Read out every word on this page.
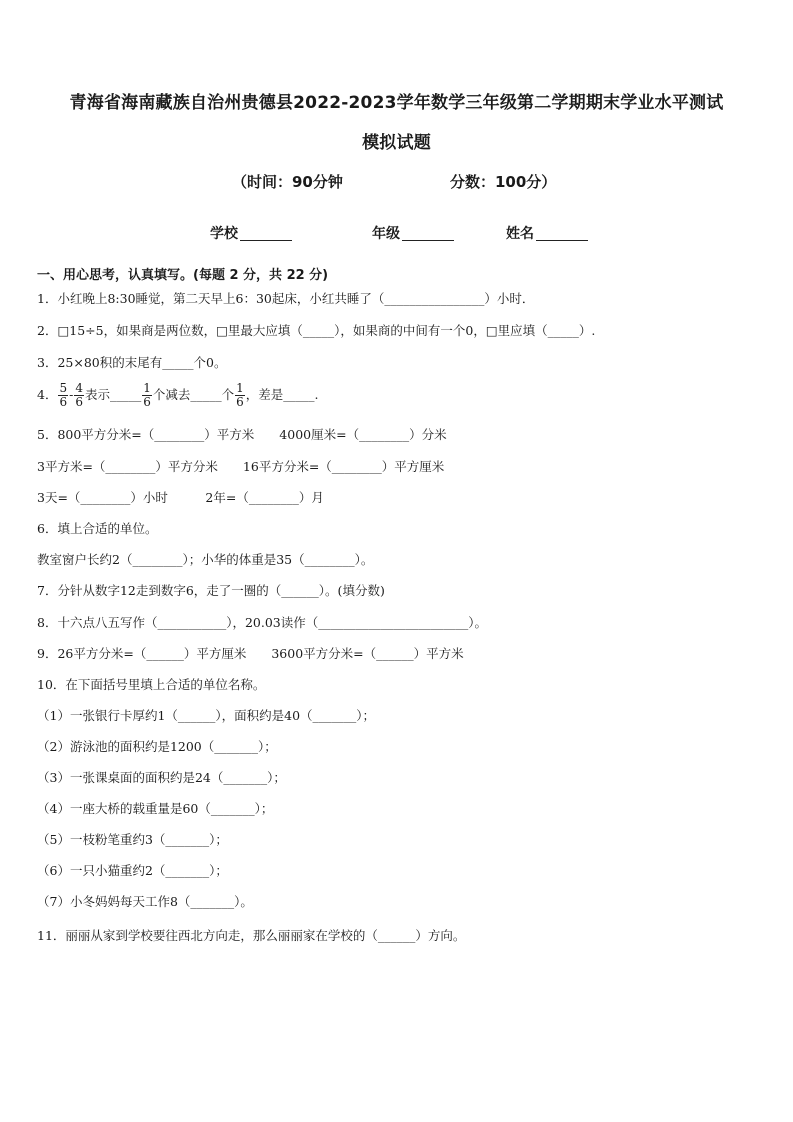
青海省海南藏族自治州贵德县2022-2023学年数学三年级第二学期期末学业水平测试
模拟试题
（时间：90分钟	分数：100分）
学校	年级	姓名
一、用心思考，认真填写。(每题 2 分，共 22 分)
1．小红晚上8:30睡觉，第二天早上6：30起床，小红共睡了（________________）小时．
2．□15÷5，如果商是两位数，□里最大应填（_____），如果商的中间有一个0，□里应填（_____）.
3．25×80积的末尾有_____个0。
4． $\frac{5}{6} - \frac{4}{6}$ 表示_____ $\frac{1}{6}$ 个减去_____个 $\frac{1}{6}$ ，差是_____.
5．800平方分米=（________）平方米　　4000厘米=（________）分米
3平方米=（________）平方分米　　16平方分米=（________）平方厘米
3天=（________）小时　　　2年=（________）月
6．填上合适的单位。
教室窗户长约2（________）；小华的体重是35（________）。
7．分针从数字12走到数字6，走了一圈的（______）。(填分数)
8．十六点八五写作（___________），20.03读作（________________________）。
9．26平方分米=（______）平方厘米　　3600平方分米=（______）平方米
10．在下面括号里填上合适的单位名称。
（1）一张银行卡厚约1（______），面积约是40（_______）；
（2）游泳池的面积约是1200（_______）；
（3）一张课桌面的面积约是24（_______）；
（4）一座大桥的载重量是60（_______）；
（5）一枝粉笔重约3（_______）；
（6）一只小猫重约2（_______）；
（7）小冬妈妈每天工作8（_______）。
11．丽丽从家到学校要往西北方向走，那么丽丽家在学校的（______）方向。
